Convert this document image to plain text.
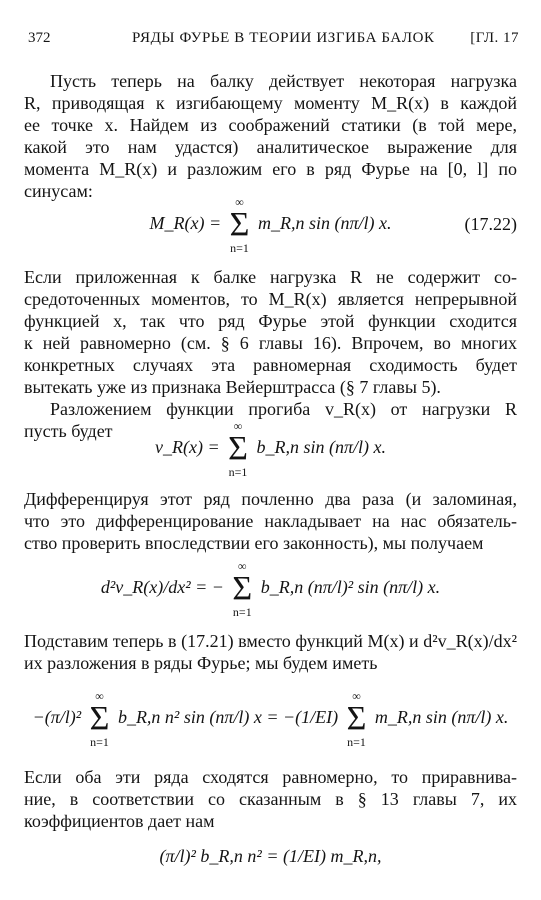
372	РЯДЫ ФУРЬЕ В ТЕОРИИ ИЗГИБА БАЛОК [ГЛ. 17
Пусть теперь на балку действует некоторая нагрузка
R, приводящая к изгибающему моменту M_R(x) в каждой
ее точке x. Найдем из соображений статики (в той мере,
какой это нам удастся) аналитическое выражение для
момента M_R(x) и разложим его в ряд Фурье на [0, l] по
синусам:
M_R(x) =
∞
Σ
n=1
m_R,n sin (nπ/l) x.	(17.22)
Если приложенная к балке нагрузка R не содержит со-
средоточенных моментов, то M_R(x) является непрерывной
функцией x, так что ряд Фурье этой функции сходится
к ней равномерно (см. § 6 главы 16). Впрочем, во многих
конкретных случаях эта равномерная сходимость будет
вытекать уже из признака Вейерштрасса (§ 7 главы 5).
Разложением функции прогиба v_R(x) от нагрузки R
пусть будет
v_R(x) =
∞
Σ
n=1
b_R,n sin (nπ/l) x.
Дифференцируя этот ряд почленно два раза (и заломиная,
что это дифференцирование накладывает на нас обязатель-
ство проверить впоследствии его законность), мы получаем
d²v_R(x)/dx² = −
∞
Σ
n=1
b_R,n (nπ/l)² sin (nπ/l) x.
Подставим теперь в (17.21) вместо функций M(x) и d²v_R(x)/dx²
их разложения в ряды Фурье; мы будем иметь
−(π/l)²
∞
Σ
n=1
b_R,n n² sin (nπ/l) x = −(1/EI)
∞
Σ
n=1
m_R,n sin (nπ/l) x.
Если оба эти ряда сходятся равномерно, то приравнива-
ние, в соответствии со сказанным в § 13 главы 7, их
коэффициентов дает нам
(π/l)² b_R,n n² = (1/EI) m_R,n,
